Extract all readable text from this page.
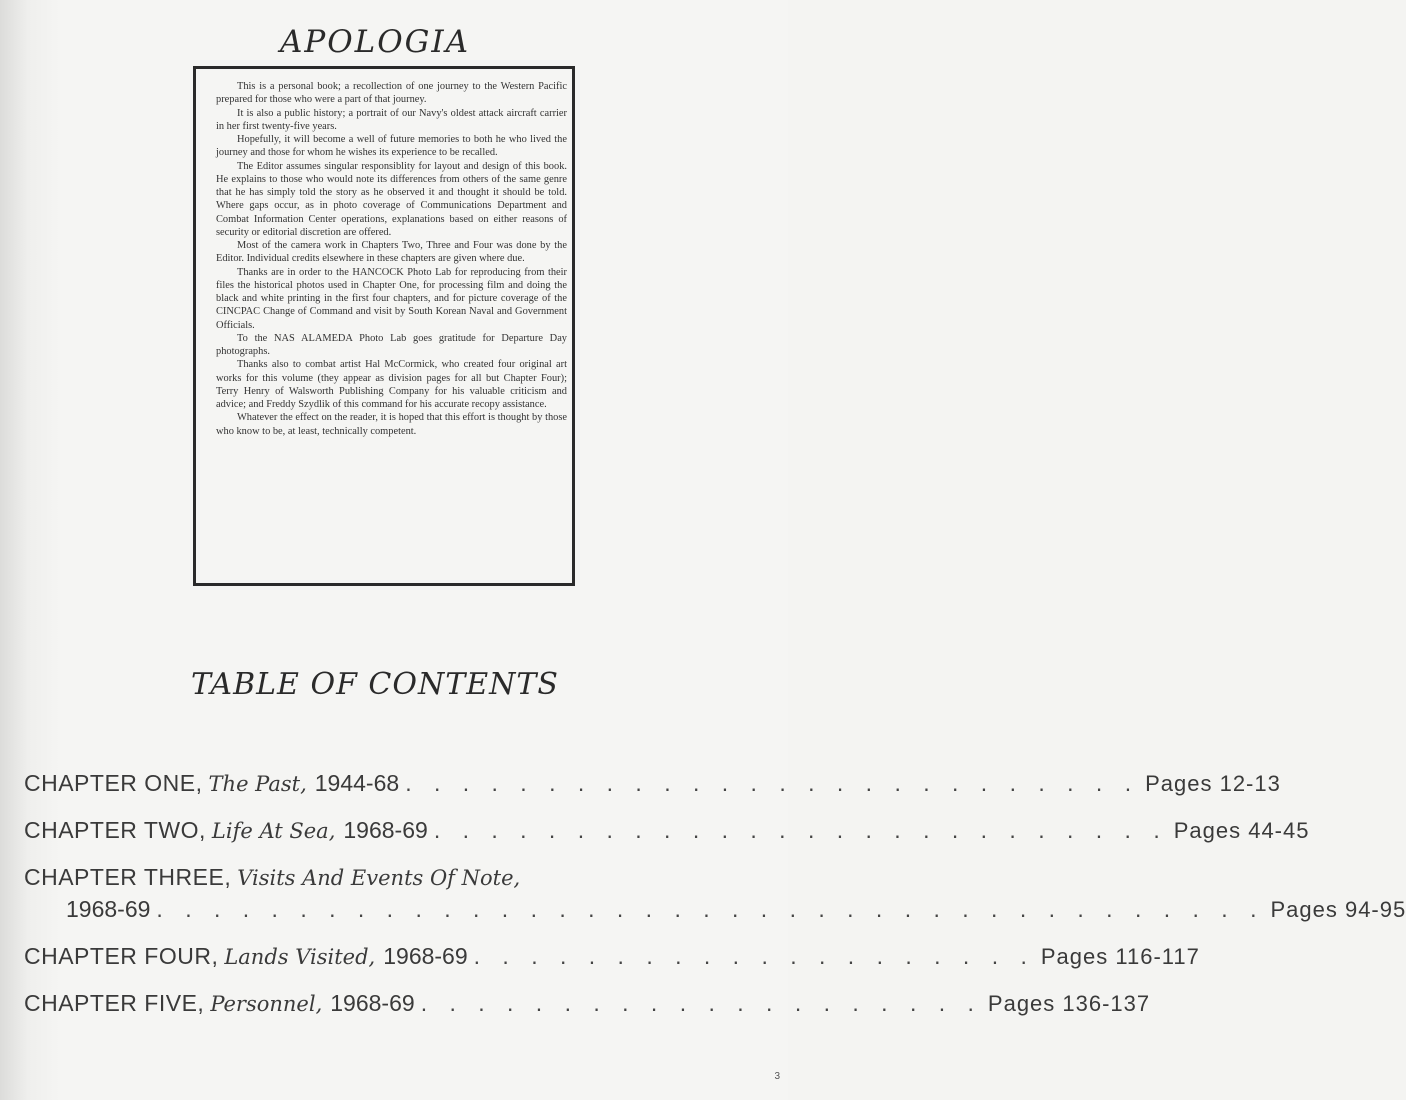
APOLOGIA

This is a personal book; a recollection of one journey to the Western Pacific prepared for those who were a part of that journey.

It is also a public history; a portrait of our Navy's oldest attack aircraft carrier in her first twenty-five years.

Hopefully, it will become a well of future memories to both he who lived the journey and those for whom he wishes its experience to be recalled.

The Editor assumes singular responsiblity for layout and design of this book. He explains to those who would note its differences from others of the same genre that he has simply told the story as he observed it and thought it should be told. Where gaps occur, as in photo coverage of Communications Department and Combat Information Center operations, explanations based on either reasons of security or editorial discretion are offered.

Most of the camera work in Chapters Two, Three and Four was done by the Editor. Individual credits elsewhere in these chapters are given where due.

Thanks are in order to the HANCOCK Photo Lab for reproducing from their files the historical photos used in Chapter One, for processing film and doing the black and white printing in the first four chapters, and for picture coverage of the CINCPAC Change of Command and visit by South Korean Naval and Government Officials.

To the NAS ALAMEDA Photo Lab goes gratitude for Departure Day photographs.

Thanks also to combat artist Hal McCormick, who created four original art works for this volume (they appear as division pages for all but Chapter Four); Terry Henry of Walsworth Publishing Company for his valuable criticism and advice; and Freddy Szydlik of this command for his accurate recopy assistance.

Whatever the effect on the reader, it is hoped that this effort is thought by those who know to be, at least, technically competent.

TABLE OF CONTENTS
CHAPTER ONE, The Past, 1944-68 . . . . . . . . . . . . . . . . . . . . . . . . . . Pages 12-13
CHAPTER TWO, Life At Sea, 1968-69 . . . . . . . . . . . . . . . . . . . . . . . . . . Pages 44-45
CHAPTER THREE, Visits And Events Of Note,
1968-69 . . . . . . . . . . . . . . . . . . . . . . . . . . . . . . . . . . . . . . . Pages 94-95
CHAPTER FOUR, Lands Visited, 1968-69 . . . . . . . . . . . . . . . . . . . . Pages 116-117
CHAPTER FIVE, Personnel, 1968-69 . . . . . . . . . . . . . . . . . . . . Pages 136-137
3
